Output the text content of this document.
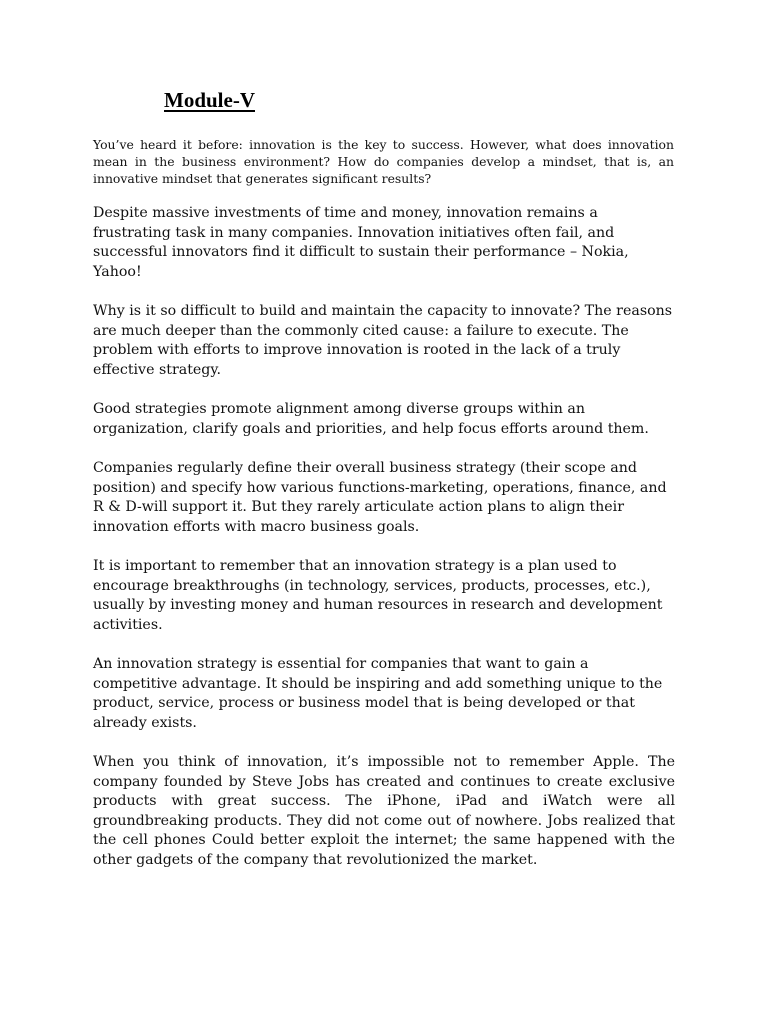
Module-V

You’ve heard it before: innovation is the key to success. However, what does innovation mean in the business environment? How do companies develop a mindset, that is, an innovative mindset that generates significant results?

Despite massive investments of time and money, innovation remains a frustrating task in many companies. Innovation initiatives often fail, and successful innovators find it difficult to sustain their performance – Nokia, Yahoo!

Why is it so difficult to build and maintain the capacity to innovate? The reasons are much deeper than the commonly cited cause: a failure to execute. The problem with efforts to improve innovation is rooted in the lack of a truly effective strategy.

Good strategies promote alignment among diverse groups within an organization, clarify goals and priorities, and help focus efforts around them.

Companies regularly define their overall business strategy (their scope and position) and specify how various functions-marketing, operations, finance, and R & D-will support it. But they rarely articulate action plans to align their innovation efforts with macro business goals.

It is important to remember that an innovation strategy is a plan used to encourage breakthroughs (in technology, services, products, processes, etc.), usually by investing money and human resources in research and development activities.

An innovation strategy is essential for companies that want to gain a competitive advantage. It should be inspiring and add something unique to the product, service, process or business model that is being developed or that already exists.

When you think of innovation, it’s impossible not to remember Apple. The company founded by Steve Jobs has created and continues to create exclusive products with great success. The iPhone, iPad and iWatch were all groundbreaking products. They did not come out of nowhere. Jobs realized that the cell phones Could better exploit the internet; the same happened with the other gadgets of the company that revolutionized the market.
